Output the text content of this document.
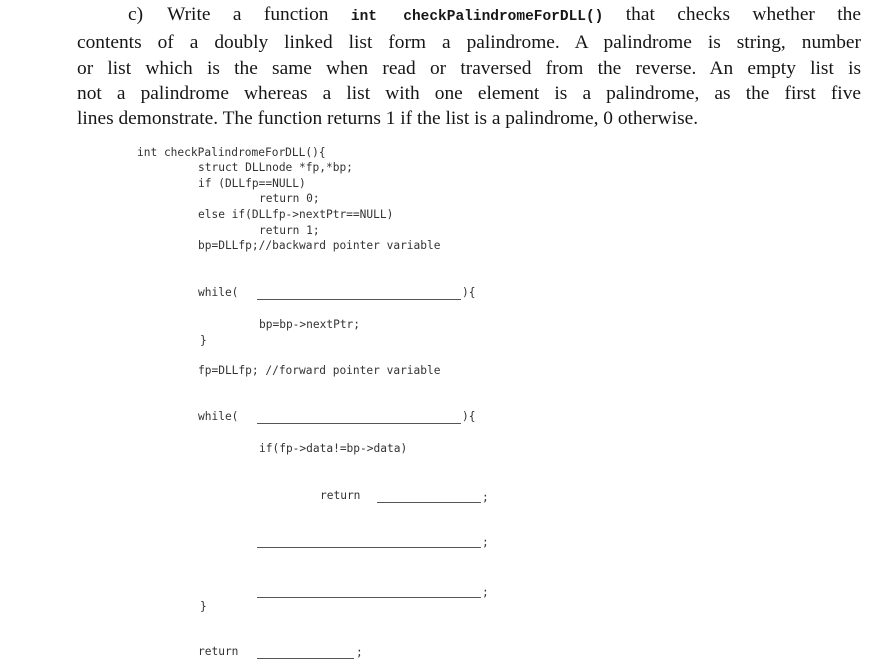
c) Write a function int checkPalindromeForDLL() that checks whether the
contents of a doubly linked list form a palindrome. A palindrome is string, number
or list which is the same when read or traversed from the reverse. An empty list is
not a palindrome whereas a list with one element is a palindrome, as the first five
lines demonstrate. The function returns 1 if the list is a palindrome, 0 otherwise.
int checkPalindromeForDLL(){
struct DLLnode *fp,*bp;
if (DLLfp==NULL)
return 0;
else if(DLLfp->nextPtr==NULL)
return 1;
bp=DLLfp;//backward pointer variable
while(	){
bp=bp->nextPtr;
}
fp=DLLfp; //forward pointer variable
while(	){
if(fp->data!=bp->data)
return	;
;
;
}
return	;
